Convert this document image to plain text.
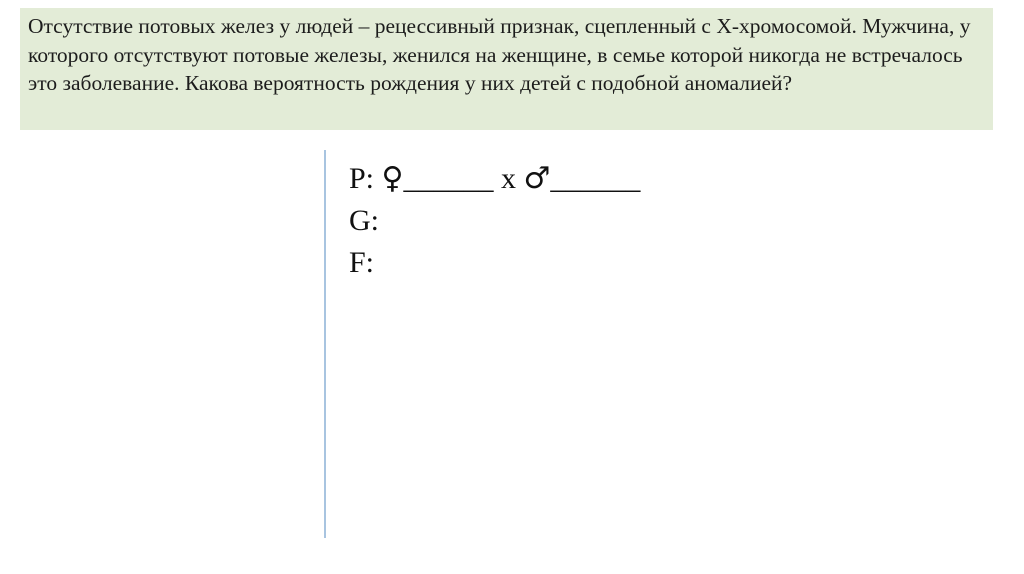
Отсутствие потовых желез у людей – рецессивный признак, сцепленный с Х-хромосомой. Мужчина, у которого отсутствуют потовые железы, женился на женщине, в семье которой никогда не встречалось это заболевание. Какова вероятность рождения у них детей с подобной аномалией?

P: ♀______ x ♂______
G:
F:
